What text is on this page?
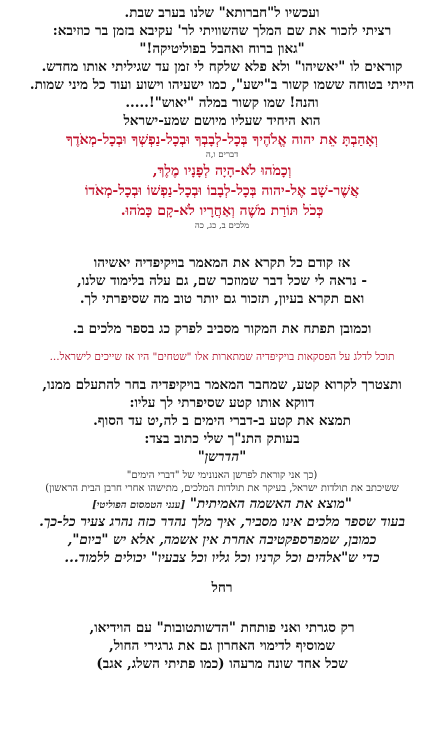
ועכשיו ל"חברותא" שלנו בערב שבת.
רציתי לזכור את שם המלך שהשוויתי לר' עקיבא בזמן בר כוזיבא:
"גאון ברוח ואהבל בפוליטיקה!"
קוראים לו "יאשיהו" ולא פלא שלקח לי זמן עד שגיליתי אותו מחדש.
הייתי בטוחה ששמו קשור ב"ישע", כמו ישעיהו וישוע ועוד כל מיני שמות.
והנה! שמו קשור במלה "יאוש"!.....
הוא היחיד שעליו מיושם שמע-ישראל
וְאָהַבְתָּ אֵת יהוה אֱלֹהֶיךָ בְּכָל-לְבָבְךָ וּבְכָל-נַפְשְׁךָ וּבְכָל-מְאֹדֶךָ
דברים ו,ה
וְכָמֹהוּ לֹא-הָיָה לְפָנָיו מֶלֶךְ,
אֲשֶׁר-שָׁב אֶל-יהוה בְּכָל-לְבָבוֹ וּבְכָל-נַפְשׁוֹ וּבְכָל-מְאֹדוֹ
כְּכֹל תּוֹרַת מֹשֶׁה וְאַחֲרָיו לֹא-קָם כָּמֹהוּ.
מלכים ב, כג, כה
אז קודם כל תקרא את המאמר בויקיפדיה יאשיהו
- נראה לי שכל דבר שמוזכר שם, גם עלה בלימוד שלנו,
ואם תקרא בעיון, תזכור גם יותר טוב מה שסיפרתי לך.
וכמובן תפתח את המקור מסביב לפרק כג בספר מלכים ב.
תוכל לדלג על הפסקאות בויקיפדיה שמתארות אלו "שטחים" היו אז שייכים לישראל...
ותצטרך לקרוא קטע, שמחבר המאמר בויקיפדיה בחר להתעלם ממנו,
דווקא אותו קטע שסיפרתי לך עליו:
תמצא את קטע ב-דברי הימים ב לה,יט עד הסוף.
בעותק התנ"ך שלי כתוב בצד:
"הדרשן"
(כך אני קוראת לפרשן האנונימי של "דברי הימים"
ששיכתב את תולדות ישראל, בעיקר את תולדות המלכים, מתישהו אחרי חרבן הבית הראשון)
"מוצא את האשמה האמיתית" [ענני הטמסום הפוליטי]
בעוד שספר מלכים אינו מסביר, איך מלך נהדר כזה נהרג צעיר כל-כך.
כמובן, שמפרספקטיבה אחרת אין אשמה, אלא יש "ביום",
כדי ש"אלהים וכל קרניו וכל גליו וכל צבעיו" יכולים ללמוד...
רחל
רק סגרתי ואני פותחת "הדשותטובות" עם הוידיאו,
שמוסיף לדימוי האחרון גם את גרגירי החול,
שכל אחד שונה מרעהו (כמו פתיתי השלג, אגב)
